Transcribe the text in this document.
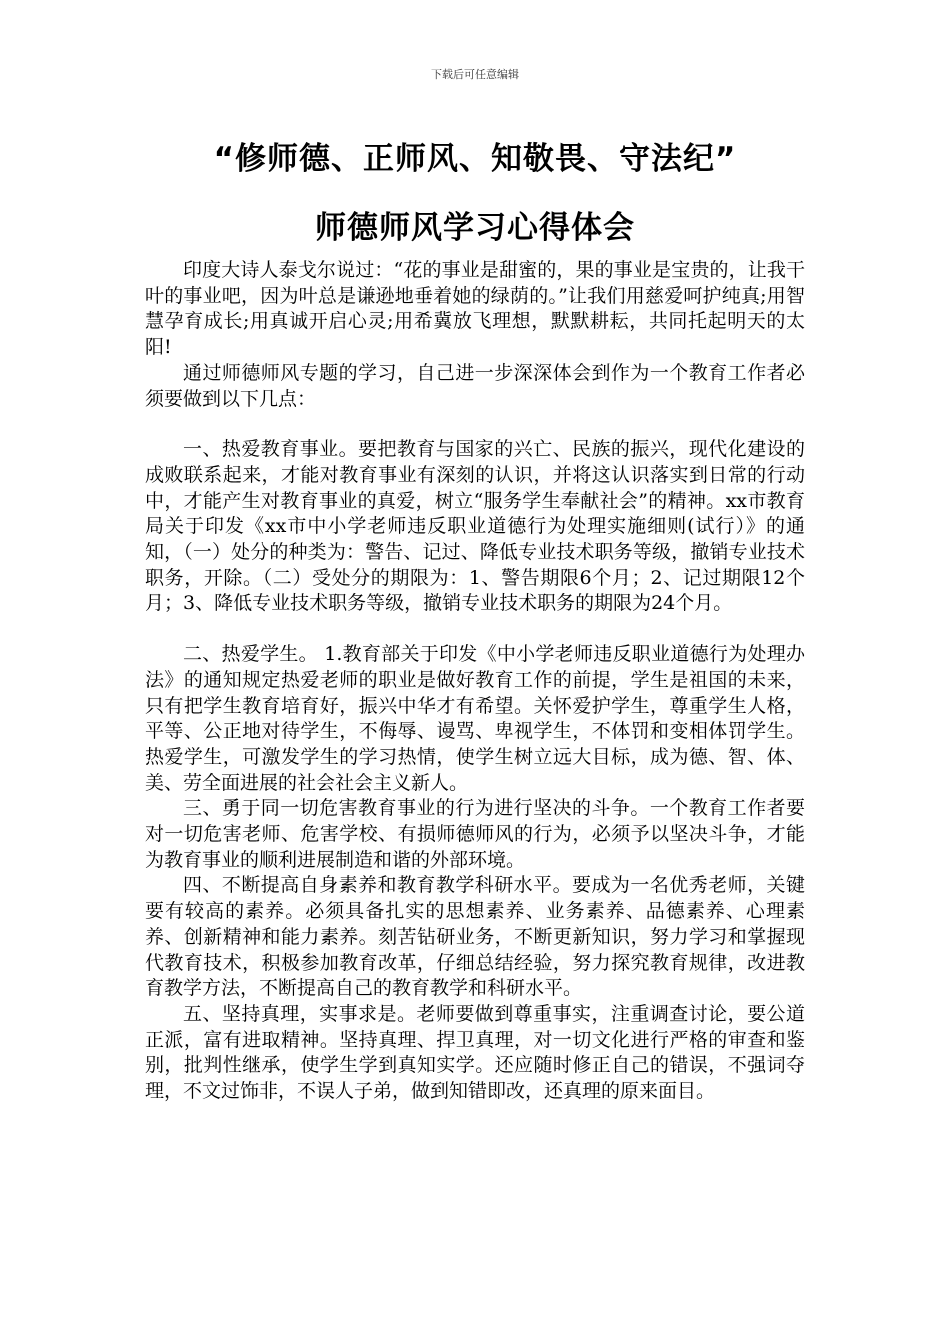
下载后可任意编辑
“修师德、正师风、知敬畏、守法纪”
师德师风学习心得体会

印度大诗人泰戈尔说过：“花的事业是甜蜜的，果的事业是宝贵的，让我干叶的事业吧，因为叶总是谦逊地垂着她的绿荫的。”让我们用慈爱呵护纯真;用智慧孕育成长;用真诚开启心灵;用希冀放飞理想，默默耕耘，共同托起明天的太阳!

通过师德师风专题的学习，自己进一步深深体会到作为一个教育工作者必须要做到以下几点：

一、热爱教育事业。要把教育与国家的兴亡、民族的振兴，现代化建设的成败联系起来，才能对教育事业有深刻的认识，并将这认识落实到日常的行动中，才能产生对教育事业的真爱，树立“服务学生奉献社会”的精神。xx市教育局关于印发《xx市中小学老师违反职业道德行为处理实施细则(试行）》的通知，（一）处分的种类为：警告、记过、降低专业技术职务等级，撤销专业技术职务，开除。（二）受处分的期限为：1、警告期限6个月；2、记过期限12个月；3、降低专业技术职务等级，撤销专业技术职务的期限为24个月。

二、热爱学生。 1.教育部关于印发《中小学老师违反职业道德行为处理办法》的通知规定热爱老师的职业是做好教育工作的前提，学生是祖国的未来，只有把学生教育培育好，振兴中华才有希望。关怀爱护学生，尊重学生人格，平等、公正地对待学生，不侮辱、谩骂、卑视学生，不体罚和变相体罚学生。热爱学生，可激发学生的学习热情，使学生树立远大目标，成为德、智、体、美、劳全面进展的社会社会主义新人。

三、勇于同一切危害教育事业的行为进行坚决的斗争。一个教育工作者要对一切危害老师、危害学校、有损师德师风的行为，必须予以坚决斗争，才能为教育事业的顺利进展制造和谐的外部环境。

四、不断提高自身素养和教育教学科研水平。要成为一名优秀老师，关键要有较高的素养。必须具备扎实的思想素养、业务素养、品德素养、心理素养、创新精神和能力素养。刻苦钻研业务，不断更新知识，努力学习和掌握现代教育技术，积极参加教育改革，仔细总结经验，努力探究教育规律，改进教育教学方法，不断提高自己的教育教学和科研水平。

五、坚持真理，实事求是。老师要做到尊重事实，注重调查讨论，要公道正派，富有进取精神。坚持真理、捍卫真理，对一切文化进行严格的审查和鉴别，批判性继承，使学生学到真知实学。还应随时修正自己的错误，不强词夺理，不文过饰非，不误人子弟，做到知错即改，还真理的原来面目。
